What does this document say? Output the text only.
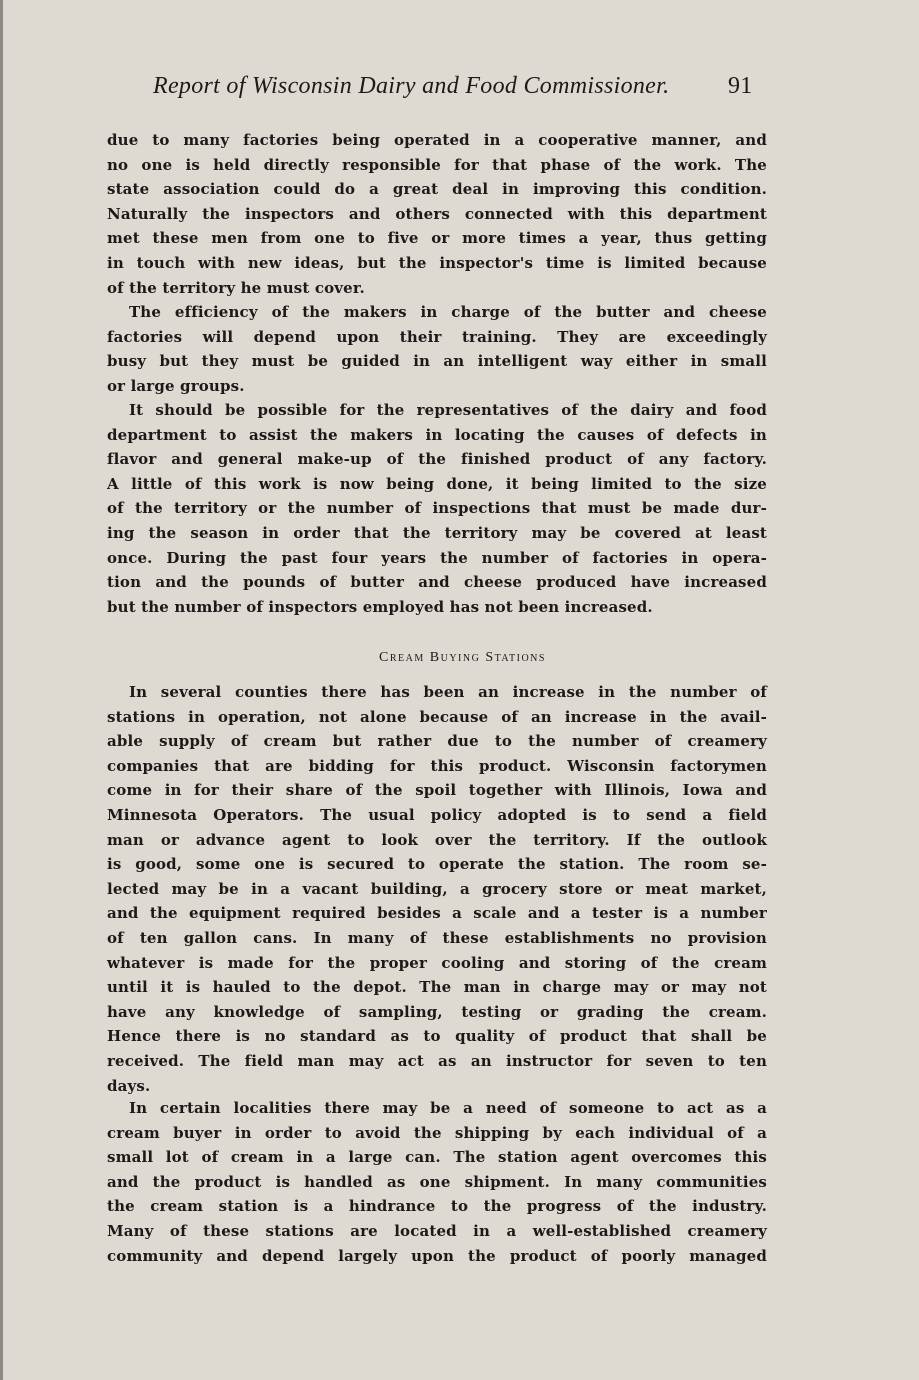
Report of Wisconsin Dairy and Food Commissioner. 91
due to many factories being operated in a cooperative manner, and
no one is held directly responsible for that phase of the work. The
state association could do a great deal in improving this condition.
Naturally the inspectors and others connected with this department
met these men from one to five or more times a year, thus getting
in touch with new ideas, but the inspector's time is limited because
of the territory he must cover.
The efficiency of the makers in charge of the butter and cheese
factories will depend upon their training. They are exceedingly
busy but they must be guided in an intelligent way either in small
or large groups.
It should be possible for the representatives of the dairy and food
department to assist the makers in locating the causes of defects in
flavor and general make-up of the finished product of any factory.
A little of this work is now being done, it being limited to the size
of the territory or the number of inspections that must be made dur-
ing the season in order that the territory may be covered at least
once. During the past four years the number of factories in opera-
tion and the pounds of butter and cheese produced have increased
but the number of inspectors employed has not been increased.
Cream Buying Stations
In several counties there has been an increase in the number of
stations in operation, not alone because of an increase in the avail-
able supply of cream but rather due to the number of creamery
companies that are bidding for this product. Wisconsin factorymen
come in for their share of the spoil together with Illinois, Iowa and
Minnesota Operators. The usual policy adopted is to send a field
man or advance agent to look over the territory. If the outlook
is good, some one is secured to operate the station. The room se-
lected may be in a vacant building, a grocery store or meat market,
and the equipment required besides a scale and a tester is a number
of ten gallon cans. In many of these establishments no provision
whatever is made for the proper cooling and storing of the cream
until it is hauled to the depot. The man in charge may or may not
have any knowledge of sampling, testing or grading the cream.
Hence there is no standard as to quality of product that shall be
received. The field man may act as an instructor for seven to ten
days.
In certain localities there may be a need of someone to act as a
cream buyer in order to avoid the shipping by each individual of a
small lot of cream in a large can. The station agent overcomes this
and the product is handled as one shipment. In many communities
the cream station is a hindrance to the progress of the industry.
Many of these stations are located in a well-established creamery
community and depend largely upon the product of poorly managed
